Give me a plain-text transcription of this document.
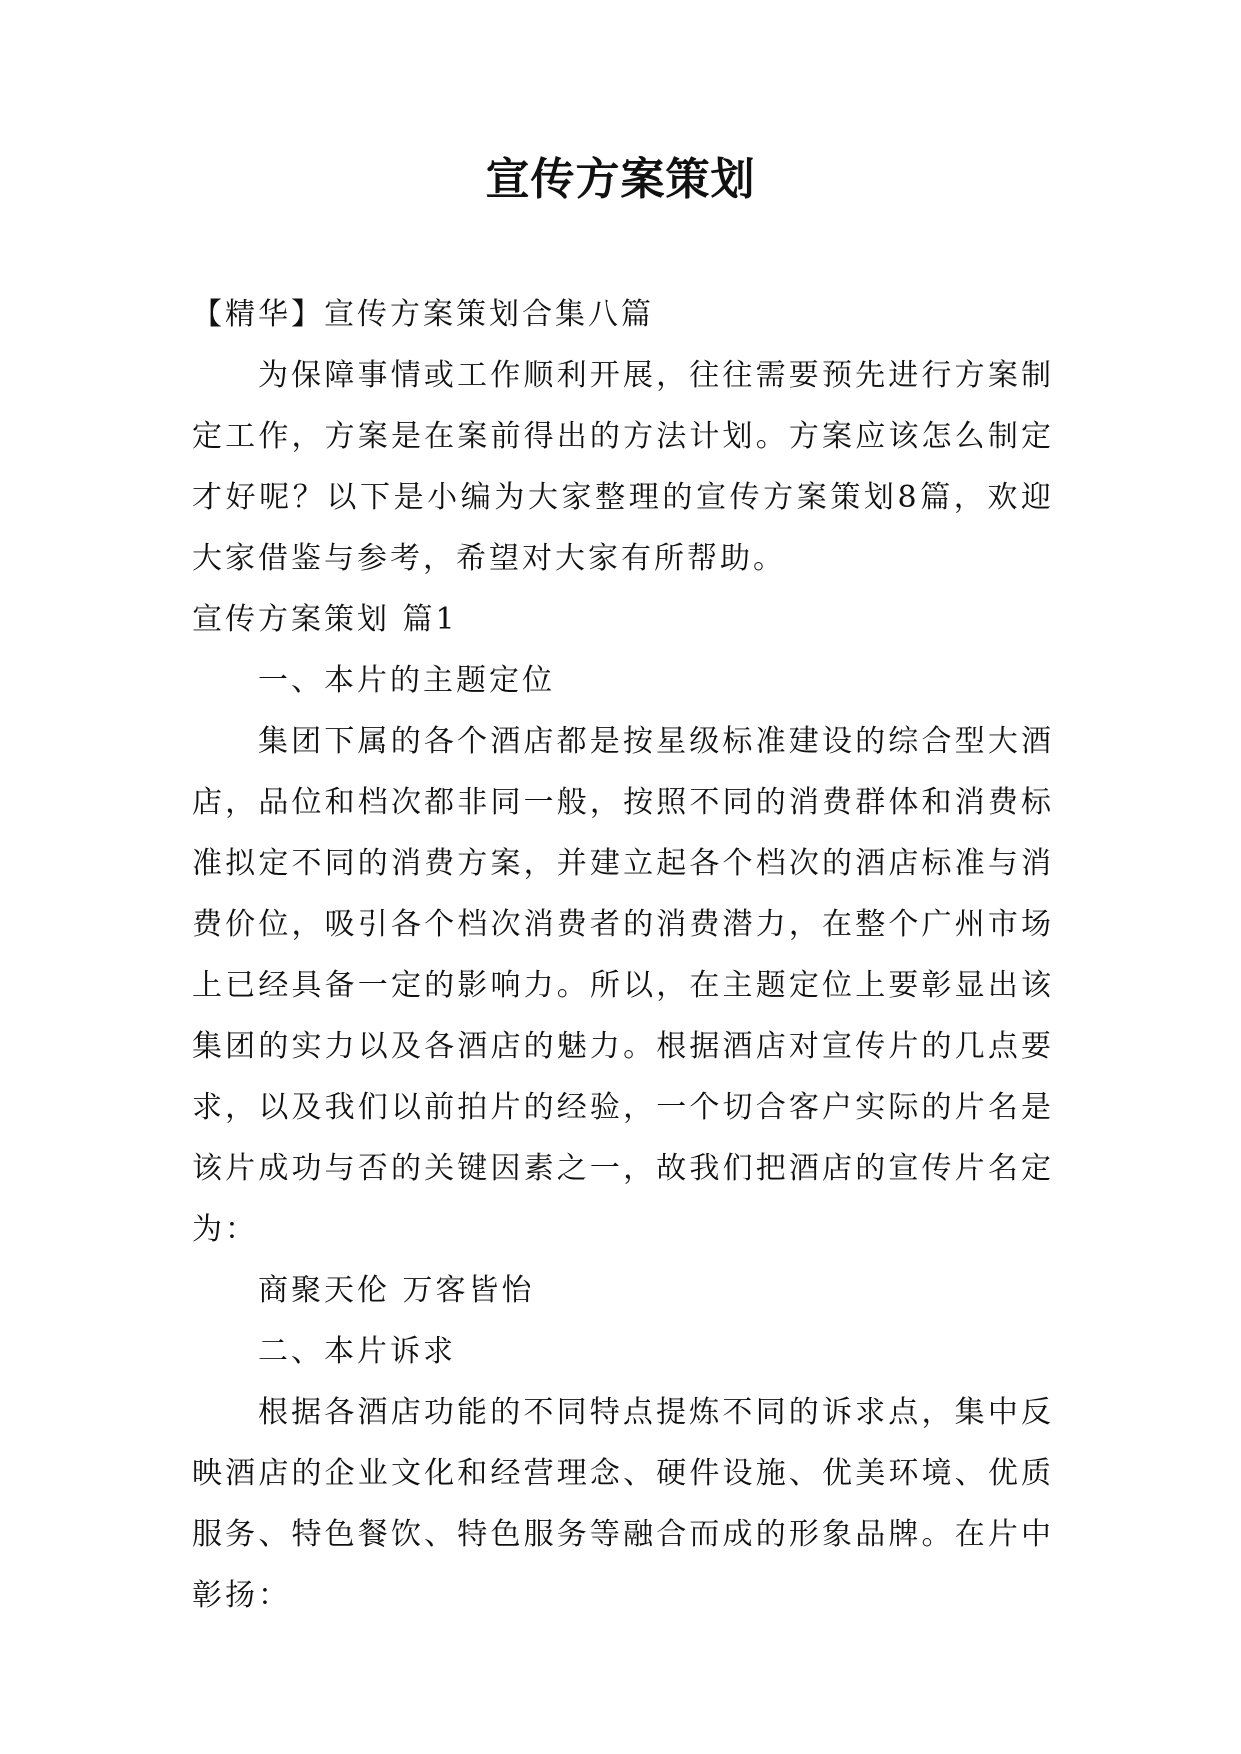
宣传方案策划

【精华】宣传方案策划合集八篇

为保障事情或工作顺利开展，往往需要预先进行方案制定工作，方案是在案前得出的方法计划。方案应该怎么制定才好呢？以下是小编为大家整理的宣传方案策划8篇，欢迎大家借鉴与参考，希望对大家有所帮助。

宣传方案策划 篇1

一、本片的主题定位

集团下属的各个酒店都是按星级标准建设的综合型大酒店，品位和档次都非同一般，按照不同的消费群体和消费标准拟定不同的消费方案，并建立起各个档次的酒店标准与消费价位，吸引各个档次消费者的消费潜力，在整个广州市场上已经具备一定的影响力。所以，在主题定位上要彰显出该集团的实力以及各酒店的魅力。根据酒店对宣传片的几点要求，以及我们以前拍片的经验，一个切合客户实际的片名是该片成功与否的关键因素之一，故我们把酒店的宣传片名定为：

商聚天伦 万客皆怡

二、本片诉求

根据各酒店功能的不同特点提炼不同的诉求点，集中反映酒店的企业文化和经营理念、硬件设施、优美环境、优质服务、特色餐饮、特色服务等融合而成的形象品牌。在片中彰扬：
